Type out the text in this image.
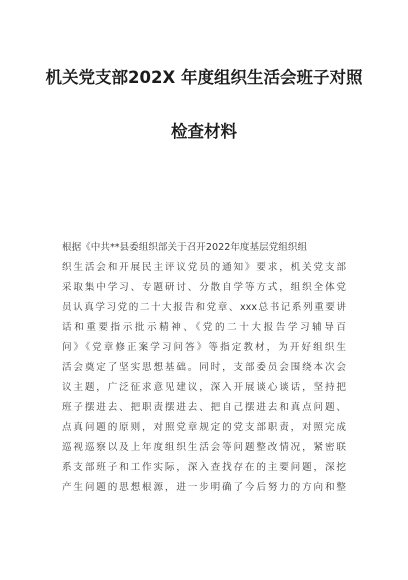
机关党支部202X 年度组织生活会班子对照
检查材料
根据《中共**县委组织部关于召开2022年度基层党组织组
织生活会和开展民主评议党员的通知》要求，机关党支部
采取集中学习、专题研讨、分散自学等方式，组织全体党
员认真学习党的二十大报告和党章、xxx总书记系列重要讲
话和重要指示批示精神、《党的二十大报告学习辅导百
问》《党章修正案学习问答》等指定教材，为开好组织生
活会奠定了坚实思想基础。同时，支部委员会围绕本次会
议主题，广泛征求意见建议，深入开展谈心谈话，坚持把
班子摆进去、把职责摆进去、把自己摆进去和真点问题、
点真问题的原则，对照党章规定的党支部职责，对照完成
巡视巡察以及上年度组织生活会等问题整改情况，紧密联
系支部班子和工作实际，深入查找存在的主要问题，深挖
产生问题的思想根源，进一步明确了今后努力的方向和整
